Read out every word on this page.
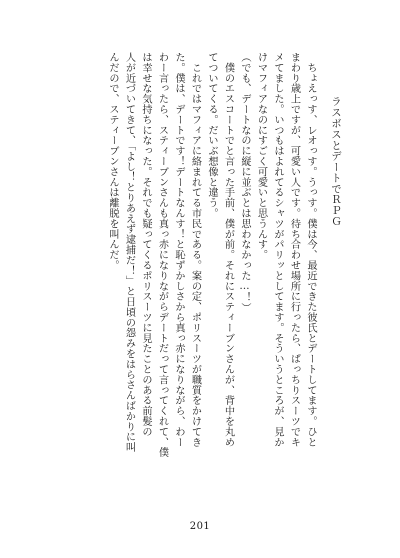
ラスボスとデートでＲＰＧ
　ちょえっす、レオっす。うっす。僕は今、最近できた彼氏とデートしてます。ひと
まわり歳上ですが、可愛い人です。待ち合わせ場所に行ったら、ぱっちりスーツでキ
メてました。いつもはよれてるシャツがパリッとしてます。そういうところが、見か
けマフィアなのにすごく可愛いと思うんす。
（でも、デートなのに縦に並ぶとは思わなかった…！）
　僕のエスコートでと言った手前、僕が前。それにスティーブンさんが、背中を丸め
てついてくる。だいぶ想像と違う。
　これではマフィアに絡まれてる市民である。案の定、ポリスーツが職質をかけてき
た。僕は、デートです！デートなんす！と恥ずかしさから真っ赤になりながら、わー
わー言ったら、スティーブンさんも真っ赤になりながらデートだって言ってくれて、僕
は幸せな気持ちになった。それでも疑ってくるポリスーツに見たことのある前髪の
人が近づいてきて、「よし！とりあえず逮捕だ！」と日頃の怨みをはらさんばかりに叫
んだので、スティーブンさんは離脱を叫んだ。
201
